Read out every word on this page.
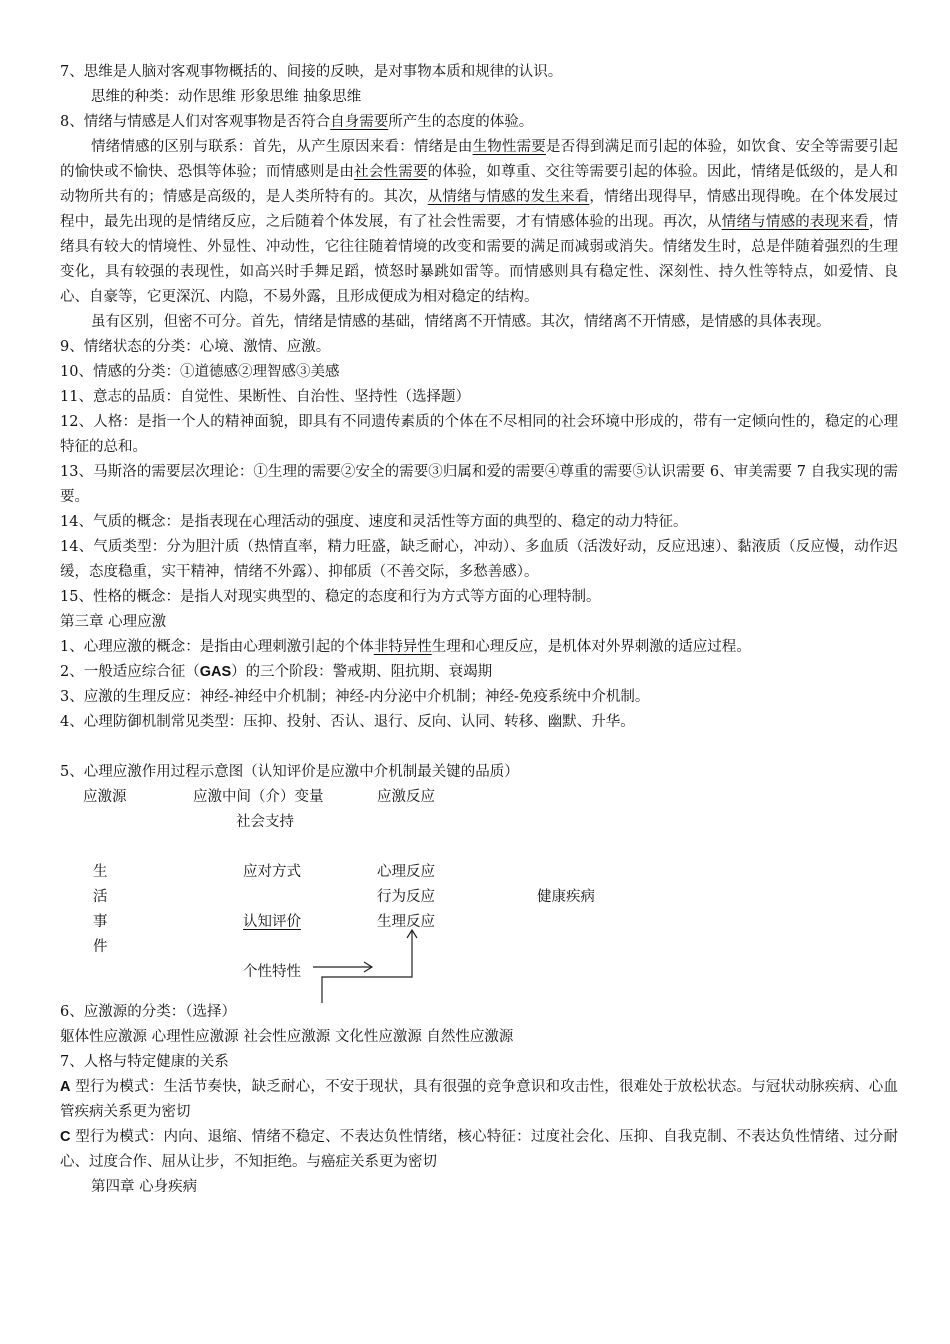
7、思维是人脑对客观事物概括的、间接的反映，是对事物本质和规律的认识。

思维的种类：动作思维 形象思维 抽象思维

8、情绪与情感是人们对客观事物是否符合自身需要所产生的态度的体验。

情绪情感的区别与联系：首先，从产生原因来看：情绪是由生物性需要是否得到满足而引起的体验，如饮食、安全等需要引起的愉快或不愉快、恐惧等体验；而情感则是由社会性需要的体验，如尊重、交往等需要引起的体验。因此，情绪是低级的，是人和动物所共有的；情感是高级的，是人类所特有的。其次，从情绪与情感的发生来看，情绪出现得早，情感出现得晚。在个体发展过程中，最先出现的是情绪反应，之后随着个体发展，有了社会性需要，才有情感体验的出现。再次，从情绪与情感的表现来看，情绪具有较大的情境性、外显性、冲动性，它往往随着情境的改变和需要的满足而减弱或消失。情绪发生时，总是伴随着强烈的生理变化，具有较强的表现性，如高兴时手舞足蹈，愤怒时暴跳如雷等。而情感则具有稳定性、深刻性、持久性等特点，如爱情、良心、自豪等，它更深沉、内隐，不易外露，且形成便成为相对稳定的结构。

虽有区别，但密不可分。首先，情绪是情感的基础，情绪离不开情感。其次，情绪离不开情感，是情感的具体表现。

9、情绪状态的分类：心境、激情、应激。

10、情感的分类：①道德感②理智感③美感

11、意志的品质：自觉性、果断性、自治性、坚持性（选择题）

12、人格：是指一个人的精神面貌，即具有不同遗传素质的个体在不尽相同的社会环境中形成的，带有一定倾向性的，稳定的心理特征的总和。

13、马斯洛的需要层次理论：①生理的需要②安全的需要③归属和爱的需要④尊重的需要⑤认识需要 6、审美需要 7 自我实现的需要。

14、气质的概念：是指表现在心理活动的强度、速度和灵活性等方面的典型的、稳定的动力特征。

14、气质类型：分为胆汁质（热情直率，精力旺盛，缺乏耐心，冲动）、多血质（活泼好动，反应迅速）、黏液质（反应慢，动作迟缓，态度稳重，实干精神，情绪不外露）、抑郁质（不善交际，多愁善感）。

15、性格的概念：是指人对现实典型的、稳定的态度和行为方式等方面的心理特制。

第三章 心理应激

1、心理应激的概念：是指由心理刺激引起的个体非特异性生理和心理反应，是机体对外界刺激的适应过程。

2、一般适应综合征（GAS）的三个阶段：警戒期、阻抗期、衰竭期

3、应激的生理反应：神经-神经中介机制；神经-内分泌中介机制；神经-免疫系统中介机制。

4、心理防御机制常见类型：压抑、投射、否认、退行、反向、认同、转移、幽默、升华。

5、心理应激作用过程示意图（认知评价是应激中介机制最关键的品质）

应激源	应激中间（介）变量	应激反应
社会支持
生
活
事
件
应对方式
认知评价
个性特性
心理反应
行为反应
生理反应
健康疾病

6、应激源的分类：（选择）

躯体性应激源 心理性应激源 社会性应激源 文化性应激源 自然性应激源

7、人格与特定健康的关系

A 型行为模式：生活节奏快，缺乏耐心，不安于现状，具有很强的竞争意识和攻击性，很难处于放松状态。与冠状动脉疾病、心血管疾病关系更为密切

C 型行为模式：内向、退缩、情绪不稳定、不表达负性情绪，核心特征：过度社会化、压抑、自我克制、不表达负性情绪、过分耐心、过度合作、屈从让步，不知拒绝。与癌症关系更为密切

第四章 心身疾病
